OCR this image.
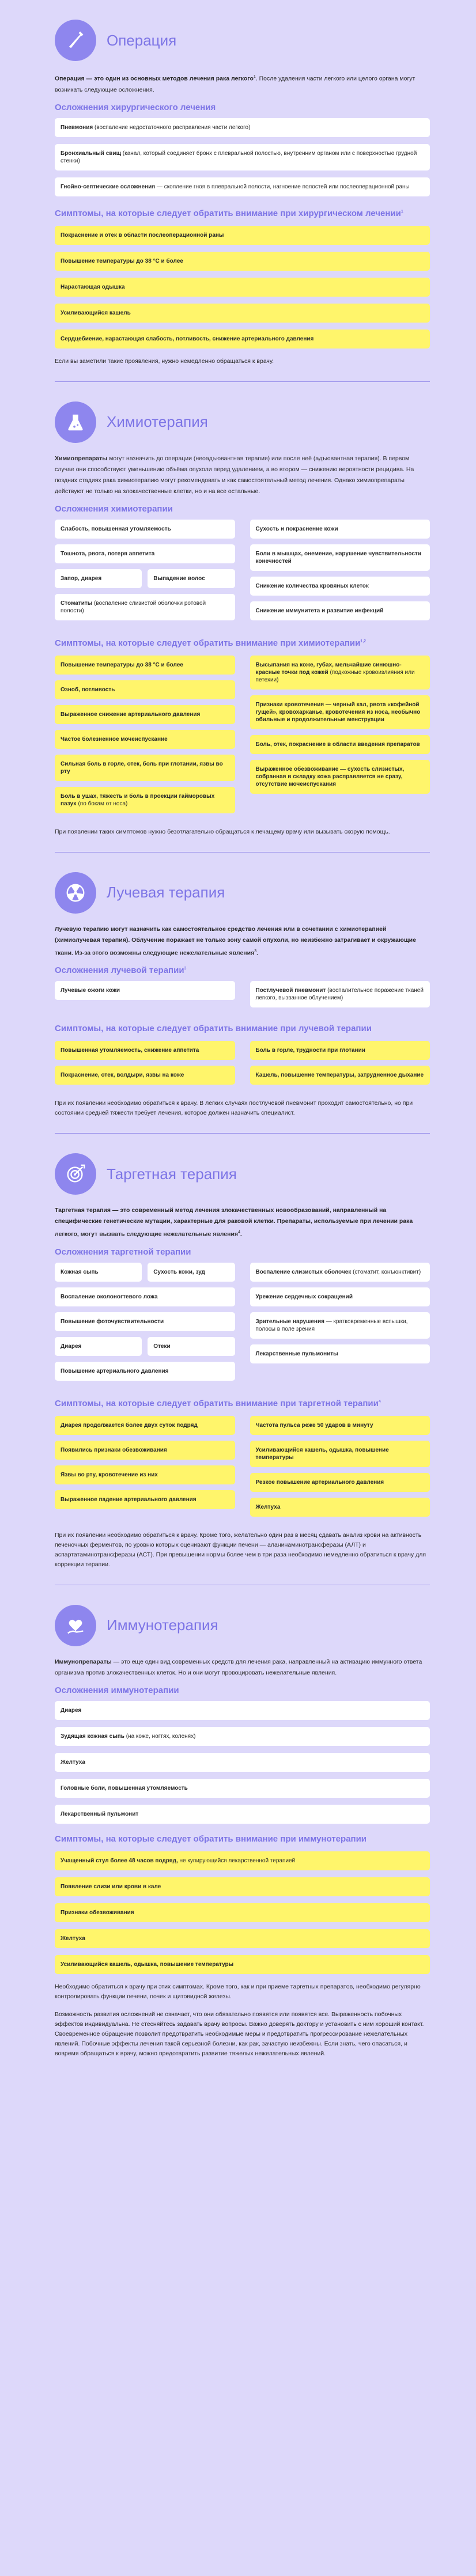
Операция

Операция — это один из основных методов лечения рака легкого$^1$. После удаления части легкого или целого органа могут возникать следующие осложнения.

Осложнения хирургического лечения
Пневмония (воспаление недостаточного расправления части легкого)
Бронхиальный свищ (канал, который соединяет бронх с плевральной полостью, внутренним органом или с поверхностью грудной стенки)
Гнойно-септические осложнения — скопление гноя в плевральной полости, нагноение полостей или послеоперационной раны
Симптомы, на которые следует обратить внимание при хирургическом лечении$^1$
Покраснение и отек в области послеоперационной раны
Повышение температуры до 38 °С и более
Нарастающая одышка
Усиливающийся кашель
Сердцебиение, нарастающая слабость, потливость, снижение артериального давления

Если вы заметили такие проявления, нужно немедленно обращаться к врачу.

Химиотерапия

Химиопрепараты могут назначить до операции (неоадъювантная терапия) или после неё (адъювантная терапия). В первом случае они способствуют уменьшению объёма опухоли перед удалением, а во втором — снижению вероятности рецидива. На поздних стадиях рака химиотерапию могут рекомендовать и как самостоятельный метод лечения. Однако химиопрепараты действуют не только на злокачественные клетки, но и на все остальные.

Осложнения химиотерапии
Слабость, повышенная утомляемость
Тошнота, рвота, потеря аппетита
Запор, диарея	Выпадение волос
Стоматиты (воспаление слизистой оболочки ротовой полости)
Сухость и покраснение кожи
Боли в мышцах, онемение, нарушение чувствительности конечностей
Снижение количества кровяных клеток
Снижение иммунитета и развитие инфекций
Симптомы, на которые следует обратить внимание при химиотерапии$^{1,2}$
Повышение температуры до 38 °С и более
Озноб, потливость
Выраженное снижение артериального давления
Частое болезненное мочеиспускание
Сильная боль в горле, отек, боль при глотании, язвы во рту
Боль в ушах, тяжесть и боль в проекции гайморовых пазух (по бокам от носа)
Высыпания на коже, губах, мельчайшие синюшно-красные точки под кожей (подкожные кровоизлияния или петехии)
Признаки кровотечения — черный кал, рвота «кофейной гущей», кровохарканье, кровотечения из носа, необычно обильные и продолжительные менструации
Боль, отек, покраснение в области введения препаратов
Выраженное обезвоживание — сухость слизистых, собранная в складку кожа расправляется не сразу, отсутствие мочеиспускания

При появлении таких симптомов нужно безотлагательно обращаться к лечащему врачу или вызывать скорую помощь.

Лучевая терапия

Лучевую терапию могут назначить как самостоятельное средство лечения или в сочетании с химиотерапией (химиолучевая терапия). Облучение поражает не только зону самой опухоли, но неизбежно затрагивает и окружающие ткани. Из-за этого возможны следующие нежелательные явления$^3$.

Осложнения лучевой терапии$^3$
Лучевые ожоги кожи	Постлучевой пневмонит (воспалительное поражение тканей легкого, вызванное облучением)
Симптомы, на которые следует обратить внимание при лучевой терапии
Повышенная утомляемость, снижение аппетита
Покраснение, отек, волдыри, язвы на коже
Боль в горле, трудности при глотании
Кашель, повышение температуры, затрудненное дыхание

При их появлении необходимо обратиться к врачу. В легких случаях постлучевой пневмонит проходит самостоятельно, но при состоянии средней тяжести требует лечения, которое должен назначить специалист.

Таргетная терапия

Таргетная терапия — это современный метод лечения злокачественных новообразований, направленный на специфические генетические мутации, характерные для раковой клетки. Препараты, используемые при лечении рака легкого, могут вызвать следующие нежелательные явления$^4$.

Осложнения таргетной терапии
Кожная сыпь	Сухость кожи, зуд
Воспаление околоногтевого ложа
Повышение фоточувствительности
Диарея	Отеки
Повышение артериального давления
Воспаление слизистых оболочек (стоматит, конъюнктивит)
Урежение сердечных сокращений
Зрительные нарушения — кратковременные вспышки, полосы в поле зрения
Лекарственные пульмониты
Симптомы, на которые следует обратить внимание при таргетной терапии$^4$
Диарея продолжается более двух суток подряд
Появились признаки обезвоживания
Язвы во рту, кровотечение из них
Выраженное падение артериального давления
Частота пульса реже 50 ударов в минуту
Усиливающийся кашель, одышка, повышение температуры
Резкое повышение артериального давления
Желтуха

При их появлении необходимо обратиться к врачу. Кроме того, желательно один раз в месяц сдавать анализ крови на активность печеночных ферментов, по уровню которых оценивают функции печени — аланинаминотрансферазы (АЛТ) и аспартатаминотрансферазы (АСТ). При превышении нормы более чем в три раза необходимо немедленно обратиться к врачу для коррекции терапии.

Иммунотерапия

Иммунопрепараты — это еще один вид современных средств для лечения рака, направленный на активацию иммунного ответа организма против злокачественных клеток. Но и они могут провоцировать нежелательные явления.

Осложнения иммунотерапии
Диарея
Зудящая кожная сыпь (на коже, ногтях, коленях)
Желтуха
Головные боли, повышенная утомляемость
Лекарственный пульмонит
Симптомы, на которые следует обратить внимание при иммунотерапии
Учащенный стул более 48 часов подряд, не купирующийся лекарственной терапией
Появление слизи или крови в кале
Признаки обезвоживания
Желтуха
Усиливающийся кашель, одышка, повышение температуры

Необходимо обратиться к врачу при этих симптомах. Кроме того, как и при приеме таргетных препаратов, необходимо регулярно контролировать функции печени, почек и щитовидной железы.

Возможность развития осложнений не означает, что они обязательно появятся или появятся все. Выраженность побочных эффектов индивидуальна. Не стесняйтесь задавать врачу вопросы. Важно доверять доктору и установить с ним хороший контакт. Своевременное обращение позволит предотвратить необходимые меры и предотвратить прогрессирование нежелательных явлений. Побочные эффекты лечения такой серьезной болезни, как рак, зачастую неизбежны. Если знать, чего опасаться, и вовремя обращаться к врачу, можно предотвратить развитие тяжелых нежелательных явлений.
